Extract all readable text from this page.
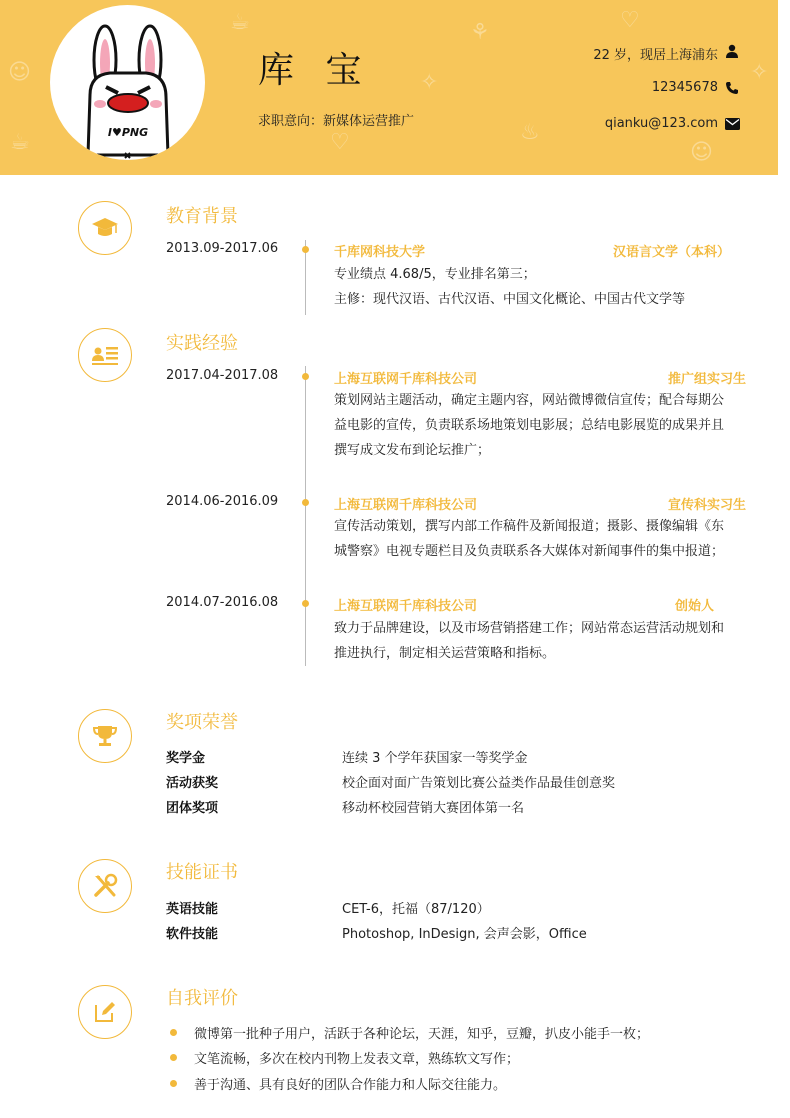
☕
♡
⚘
♨
♡
☺
☺
☕
✧	✧
I♥PNG
库 宝
求职意向：新媒体运营推广
22 岁，现居上海浦东
12345678
qianku@123.com
教育背景
2013.09-2017.06	千库网科技大学	汉语言文学（本科）
专业绩点 4.68/5，专业排名第三；
主修：现代汉语、古代汉语、中国文化概论、中国古代文学等
实践经验
2017.04-2017.08	上海互联网千库科技公司	推广组实习生
策划网站主题活动，确定主题内容，网站微博微信宣传；配合每期公
益电影的宣传，负责联系场地策划电影展；总结电影展览的成果并且
撰写成文发布到论坛推广；
2014.06-2016.09	上海互联网千库科技公司	宣传科实习生
宣传活动策划，撰写内部工作稿件及新闻报道；摄影、摄像编辑《东
城警察》电视专题栏目及负责联系各大媒体对新闻事件的集中报道；
2014.07-2016.08	上海互联网千库科技公司	创始人
致力于品牌建设，以及市场营销搭建工作；网站常态运营活动规划和
推进执行，制定相关运营策略和指标。
奖项荣誉
奖学金	连续 3 个学年获国家一等奖学金
活动获奖	校企面对面广告策划比赛公益类作品最佳创意奖
团体奖项	移动杯校园营销大赛团体第一名
技能证书
英语技能	CET-6，托福（87/120）
软件技能	Photoshop, InDesign, 会声会影，Office
自我评价
微博第一批种子用户，活跃于各种论坛，天涯，知乎，豆瓣，扒皮小能手一枚；
文笔流畅，多次在校内刊物上发表文章，熟练软文写作；
善于沟通、具有良好的团队合作能力和人际交往能力。
